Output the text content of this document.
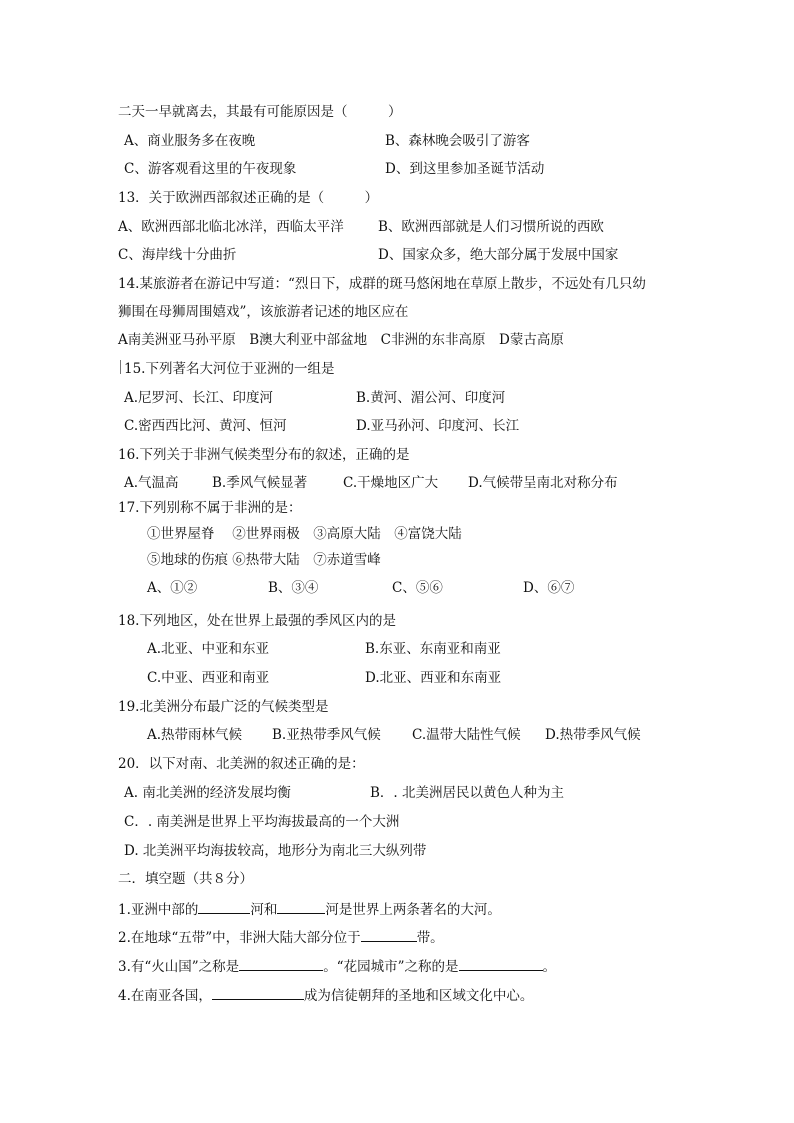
二天一早就离去，其最有可能原因是（　　　）
A、商业服务多在夜晚	B、森林晚会吸引了游客
C、游客观看这里的午夜现象	D、到这里参加圣诞节活动
13．关于欧洲西部叙述正确的是（　　　）
A、欧洲西部北临北冰洋，西临太平洋	B、欧洲西部就是人们习惯所说的西欧
C、海岸线十分曲折	D、国家众多，绝大部分属于发展中国家
14.某旅游者在游记中写道：“烈日下，成群的斑马悠闲地在草原上散步，不远处有几只幼
狮围在母狮周围嬉戏”，该旅游者记述的地区应在
A南美洲亚马孙平原　B澳大利亚中部盆地　C非洲的东非高原　D蒙古高原
15.下列著名大河位于亚洲的一组是
A.尼罗河、长江、印度河	B.黄河、湄公河、印度河
C.密西西比河、黄河、恒河	D.亚马孙河、印度河、长江
16.下列关于非洲气候类型分布的叙述，正确的是
A.气温高 B.季风气候显著	C.干燥地区广大 D.气候带呈南北对称分布
17.下列别称不属于非洲的是：
①世界屋脊　 ②世界雨极　③高原大陆　④富饶大陆
⑤地球的伤痕 ⑥热带大陆　⑦赤道雪峰
A、①②	B、③④	C、⑤⑥	D、⑥⑦
18.下列地区，处在世界上最强的季风区内的是
A.北亚、中亚和东亚	B.东亚、东南亚和南亚
C.中亚、西亚和南亚	D.北亚、西亚和东南亚
19.北美洲分布最广泛的气候类型是
A.热带雨林气候 B.亚热带季风气候 C.温带大陆性气候 D.热带季风气候
20．以下对南、北美洲的叙述正确的是：
A. 南北美洲的经济发展均衡	B．. 北美洲居民以黄色人种为主
C．. 南美洲是世界上平均海拔最高的一个大洲
D. 北美洲平均海拔较高，地形分为南北三大纵列带
二．填空题（共８分）
1.亚洲中部的	河和	河是世界上两条著名的大河。
2.在地球“五带”中，非洲大陆大部分位于	带。
3.有“火山国”之称是	。“花园城市”之称的是	。
4.在南亚各国，	成为信徒朝拜的圣地和区域文化中心。
